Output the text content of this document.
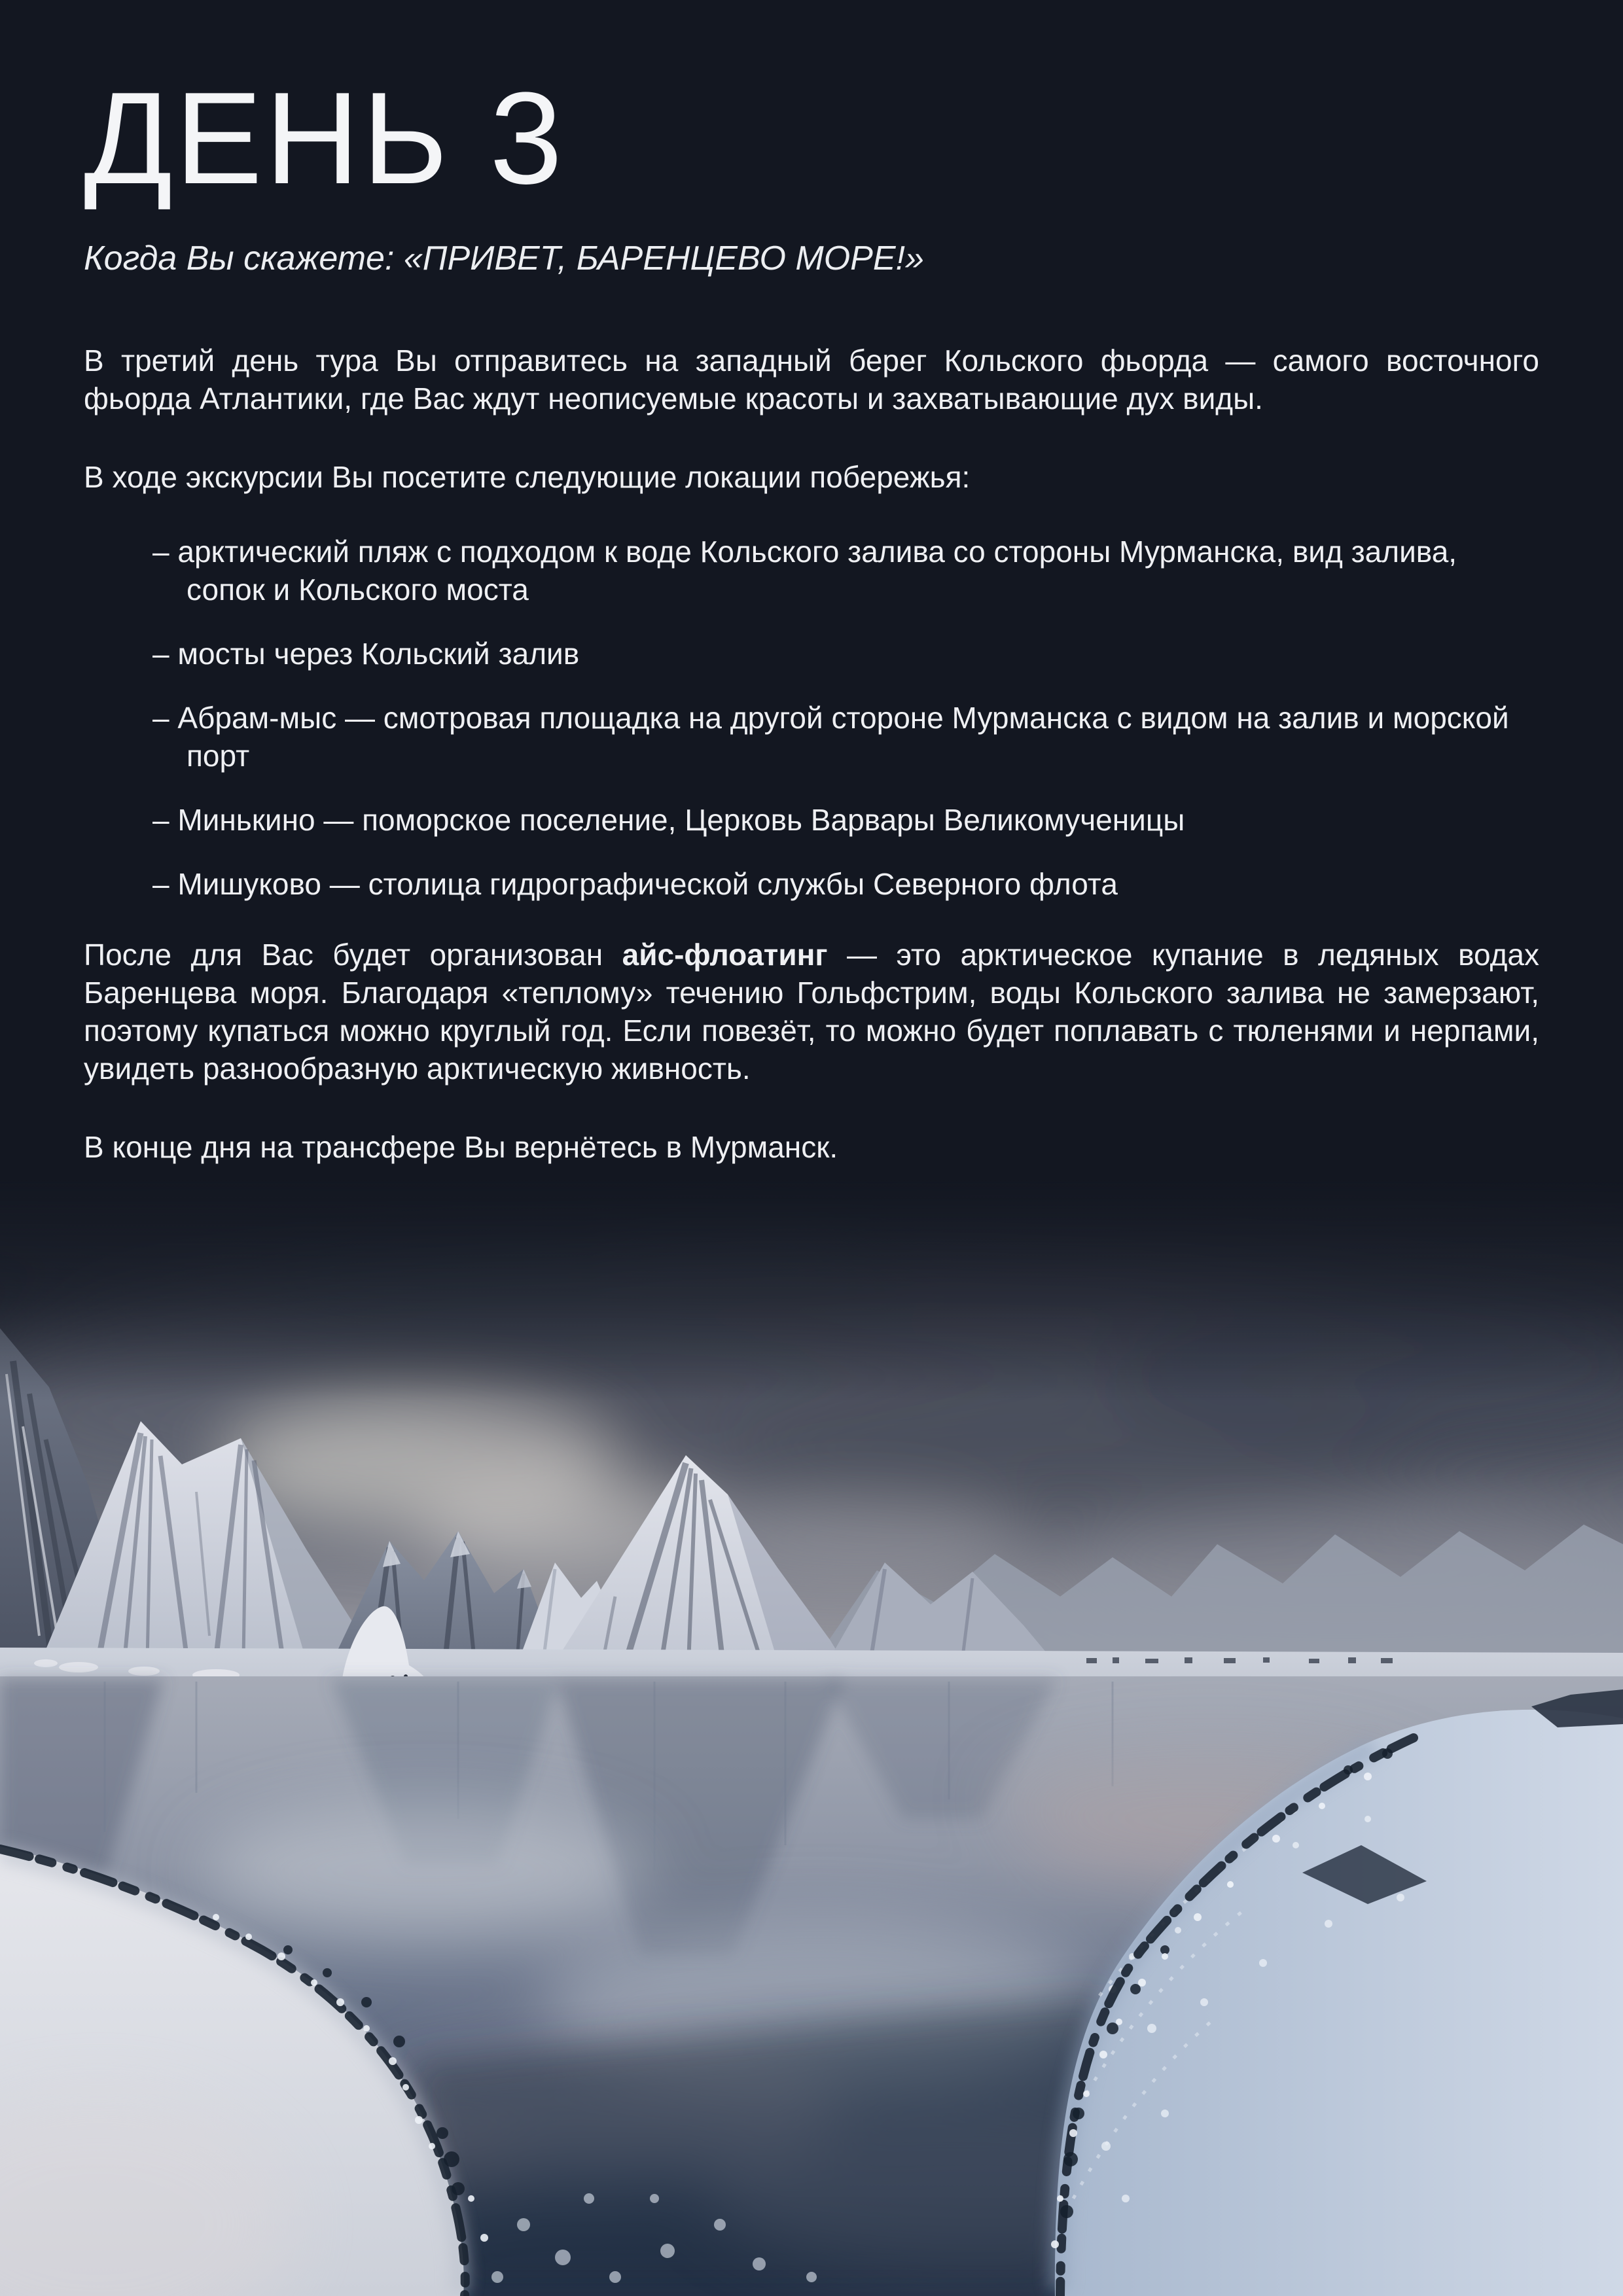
ДЕНЬ 3

Когда Вы скажете: «ПРИВЕТ, БАРЕНЦЕВО МОРЕ!»

В третий день тура Вы отправитесь на западный берег Кольского фьорда — самого восточного фьорда Атлантики, где Вас ждут неописуемые красоты и захватывающие дух виды.

В ходе экскурсии Вы посетите следующие локации побережья:

– арктический пляж с подходом к воде Кольского залива со стороны Мурманска, вид залива, сопок и Кольского моста
– мосты через Кольский залив
– Абрам-мыс — смотровая площадка на другой стороне Мурманска с видом на залив и морской порт
– Минькино — поморское поселение, Церковь Варвары Великомученицы
– Мишуково — столица гидрографической службы Северного флота

После для Вас будет организован айс-флоатинг — это арктическое купание в ледяных водах Баренцева моря. Благодаря «теплому» течению Гольфстрим, воды Кольского залива не замерзают, поэтому купаться можно круглый год. Если повезёт, то можно будет поплавать с тюленями и нерпами, увидеть разнообразную арктическую живность.

В конце дня на трансфере Вы вернётесь в Мурманск.
